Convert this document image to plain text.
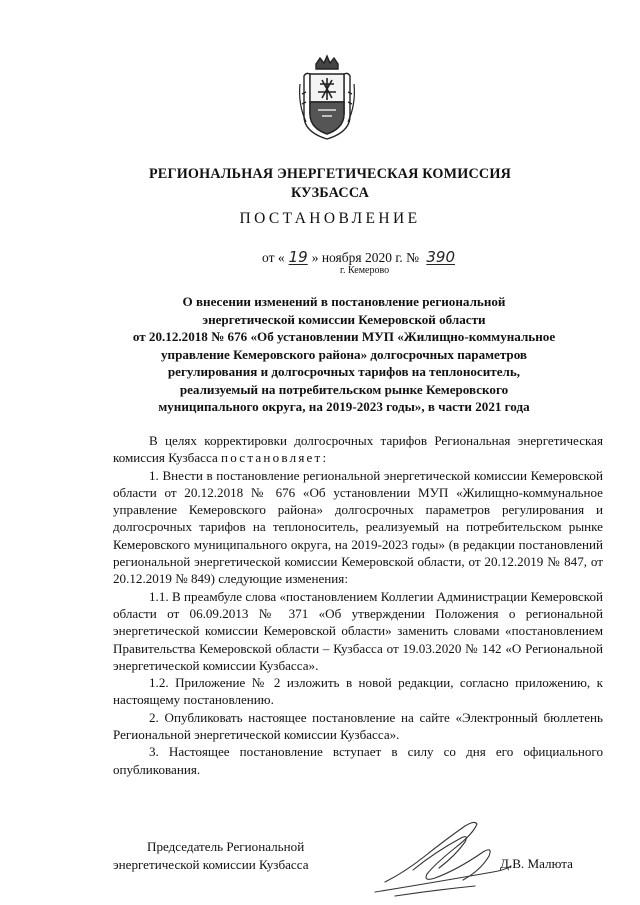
РЕГИОНАЛЬНАЯ ЭНЕРГЕТИЧЕСКАЯ КОМИССИЯ
КУЗБАССА
ПОСТАНОВЛЕНИЕ
от « 19 » ноября 2020 г. № 390
г. Кемерово
О внесении изменений в постановление региональной
энергетической комиссии Кемеровской области
от 20.12.2018 № 676 «Об установлении МУП «Жилищно-коммунальное
управление Кемеровского района» долгосрочных параметров
регулирования и долгосрочных тарифов на теплоноситель,
реализуемый на потребительском рынке Кемеровского
муниципального округа, на 2019-2023 годы», в части 2021 года

В целях корректировки долгосрочных тарифов Региональная энергетическая комиссия Кузбасса постановляет:

1. Внести в постановление региональной энергетической комиссии Кемеровской области от 20.12.2018 № 676 «Об установлении МУП «Жилищно-коммунальное управление Кемеровского района» долгосрочных параметров регулирования и долгосрочных тарифов на теплоноситель, реализуемый на потребительском рынке Кемеровского муниципального округа, на 2019-2023 годы» (в редакции постановлений региональной энергетической комиссии Кемеровской области, от 20.12.2019 № 847, от 20.12.2019 № 849) следующие изменения:

1.1. В преамбуле слова «постановлением Коллегии Администрации Кемеровской области от 06.09.2013 № 371 «Об утверждении Положения о региональной энергетической комиссии Кемеровской области» заменить словами «постановлением Правительства Кемеровской области – Кузбасса от 19.03.2020 № 142 «О Региональной энергетической комиссии Кузбасса».

1.2. Приложение № 2 изложить в новой редакции, согласно приложению, к настоящему постановлению.

2. Опубликовать настоящее постановление на сайте «Электронный бюллетень Региональной энергетической комиссии Кузбасса».

3. Настоящее постановление вступает в силу со дня его официального опубликования.

Председатель Региональной
энергетической комиссии Кузбасса	Д.В. Малюта
